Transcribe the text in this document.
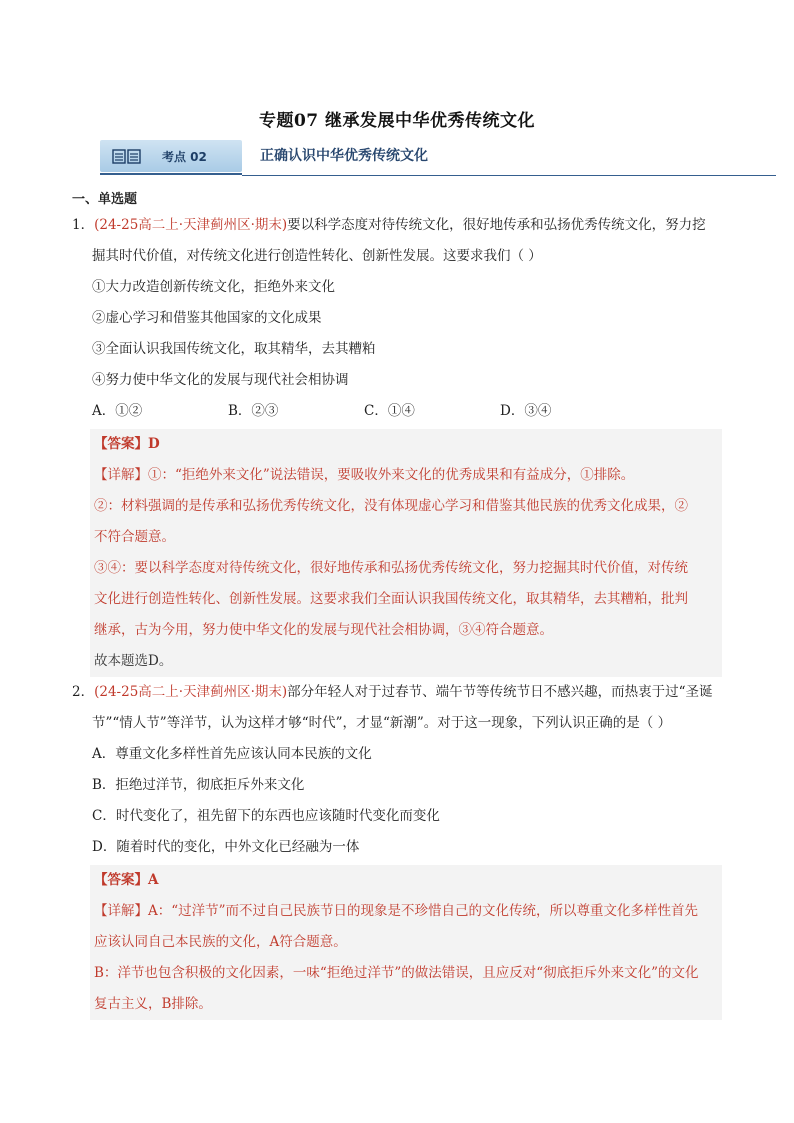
专题07 继承发展中华优秀传统文化
考点 02	正确认识中华优秀传统文化
一、单选题
1．(24-25高二上·天津蓟州区·期末)要以科学态度对待传统文化，很好地传承和弘扬优秀传统文化，努力挖
掘其时代价值，对传统文化进行创造性转化、创新性发展。这要求我们（ ）
①大力改造创新传统文化，拒绝外来文化
②虚心学习和借鉴其他国家的文化成果
③全面认识我国传统文化，取其精华，去其糟粕
④努力使中华文化的发展与现代社会相协调
A．①②	B．②③	C．①④	D．③④
【答案】D
【详解】①：“拒绝外来文化”说法错误，要吸收外来文化的优秀成果和有益成分，①排除。
②：材料强调的是传承和弘扬优秀传统文化，没有体现虚心学习和借鉴其他民族的优秀文化成果，②
不符合题意。
③④：要以科学态度对待传统文化，很好地传承和弘扬优秀传统文化，努力挖掘其时代价值，对传统
文化进行创造性转化、创新性发展。这要求我们全面认识我国传统文化，取其精华，去其糟粕，批判
继承，古为今用，努力使中华文化的发展与现代社会相协调，③④符合题意。
故本题选D。
2．(24-25高二上·天津蓟州区·期末)部分年轻人对于过春节、端午节等传统节日不感兴趣，而热衷于过“圣诞
节”“情人节”等洋节，认为这样才够“时代”，才显“新潮”。对于这一现象，下列认识正确的是（ ）
A．尊重文化多样性首先应该认同本民族的文化
B．拒绝过洋节，彻底拒斥外来文化
C．时代变化了，祖先留下的东西也应该随时代变化而变化
D．随着时代的变化，中外文化已经融为一体
【答案】A
【详解】A：“过洋节”而不过自己民族节日的现象是不珍惜自己的文化传统，所以尊重文化多样性首先
应该认同自己本民族的文化，A符合题意。
B：洋节也包含积极的文化因素，一味“拒绝过洋节”的做法错误，且应反对“彻底拒斥外来文化”的文化
复古主义，B排除。
